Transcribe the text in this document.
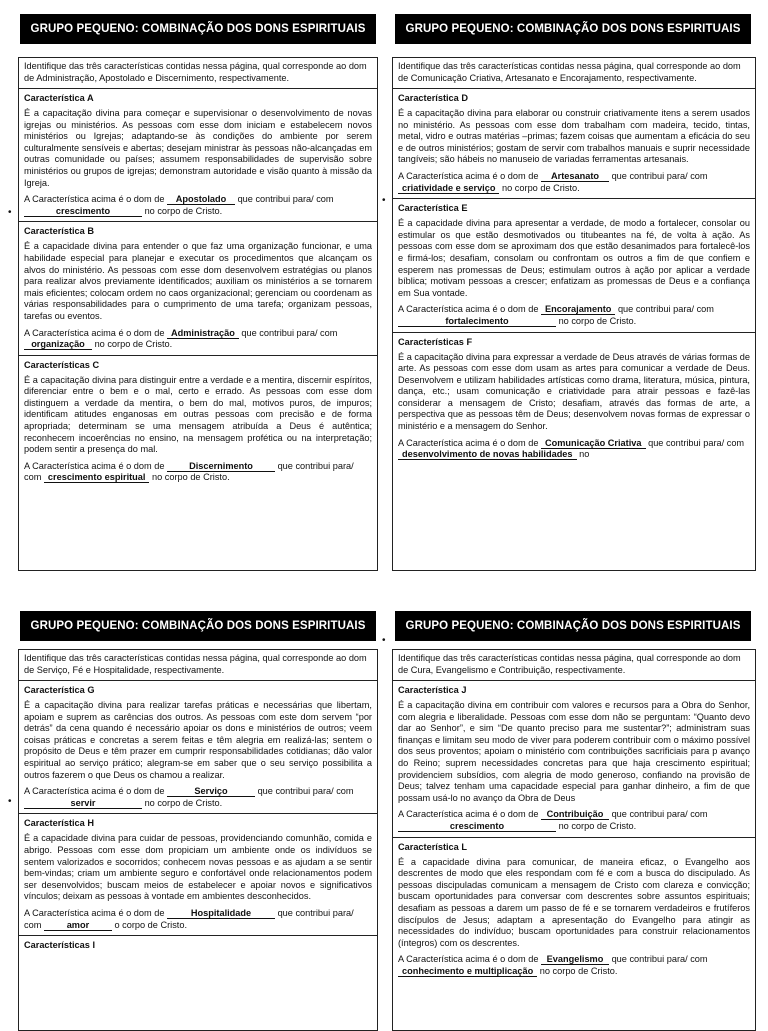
GRUPO PEQUENO: COMBINAÇÃO DOS DONS ESPIRITUAIS
Identifique das três características contidas nessa página, qual corresponde ao dom de Administração, Apostolado e Discernimento, respectivamente.
Característica A
É a capacitação divina para começar e supervisionar o desenvolvimento de novas igrejas ou ministérios. As pessoas com esse dom iniciam e estabelecem novos ministérios ou Igrejas; adaptando-se às condições do ambiente por serem culturalmente sensíveis e abertas; desejam ministrar às pessoas não-alcançadas em outras comunidade ou países; assumem responsabilidades de supervisão sobre ministérios ou grupos de igrejas; demonstram autoridade e visão quanto à missão da Igreja.
A Característica acima é o dom de Apostolado que contribui para/ com crescimento	no corpo de Cristo.
Característica B
É a capacidade divina para entender o que faz uma organização funcionar, e uma habilidade especial para planejar e executar os procedimentos que alcançam os alvos do ministério. As pessoas com esse dom desenvolvem estratégias ou planos para realizar alvos previamente identificados; auxiliam os ministérios a se tornarem mais eficientes; colocam ordem no caos organizacional; gerenciam ou coordenam as várias responsabilidades para o cumprimento de uma tarefa; organizam pessoas, tarefas ou eventos.
A Característica acima é o dom de Administração que contribui para/ com organização no corpo de Cristo.
Características C
É a capacitação divina para distinguir entre a verdade e a mentira, discernir espíritos, diferenciar entre o bem e o mal, certo e errado. As pessoas com esse dom distinguem a verdade da mentira, o bem do mal, motivos puros, de impuros; identificam atitudes enganosas em outras pessoas com precisão e de forma apropriada; determinam se uma mensagem atribuída a Deus é autêntica; reconhecem incoerências no ensino, na mensagem profética ou na interpretação; podem sentir a presença do mal.
A Característica acima é o dom de	Discernimento	que contribui para/ com crescimento espiritual no corpo de Cristo.
GRUPO PEQUENO: COMBINAÇÃO DOS DONS ESPIRITUAIS
Identifique das três características contidas nessa página, qual corresponde ao dom de Comunicação Criativa, Artesanato e Encorajamento, respectivamente.
Característica D
É a capacitação divina para elaborar ou construir criativamente itens a serem usados no ministério. As pessoas com esse dom trabalham com madeira, tecido, tintas, metal, vidro e outras matérias –primas; fazem coisas que aumentam a eficácia do seu e de outros ministérios; gostam de servir com trabalhos manuais e suprir necessidade tangíveis; são hábeis no manuseio de variadas ferramentas artesanais.
A Característica acima é o dom de Artesanato que contribui para/ com criatividade e serviço no corpo de Cristo.
Característica E
É a capacidade divina para apresentar a verdade, de modo a fortalecer, consolar ou estimular os que estão desmotivados ou titubeantes na fé, de volta à ação. As pessoas com esse dom se aproximam dos que estão desanimados para fortalecê-los e firmá-los; desafiam, consolam ou confrontam os outros a fim de que confiem e esperem nas promessas de Deus; estimulam outros à ação por aplicar a verdade bíblica; motivam pessoas a crescer; enfatizam as promessas de Deus e a confiança em Sua vontade.
A Característica acima é o dom de Encorajamento que contribui para/ com fortalecimento	no corpo de Cristo.
Características F
É a capacitação divina para expressar a verdade de Deus através de várias formas de arte. As pessoas com esse dom usam as artes para comunicar a verdade de Deus. Desenvolvem e utilizam habilidades artísticas como drama, literatura, música, pintura, dança, etc.; usam comunicação e criatividade para atrair pessoas e fazê-las considerar a mensagem de Cristo; desafiam, através das formas de arte, a perspectiva que as pessoas têm de Deus; desenvolvem novas formas de expressar o ministério e a mensagem do Senhor.
A Característica acima é o dom de Comunicação Criativa que contribui para/ com desenvolvimento de novas habilidades no
GRUPO PEQUENO: COMBINAÇÃO DOS DONS ESPIRITUAIS
Identifique das três características contidas nessa página, qual corresponde ao dom de Serviço, Fé e Hospitalidade, respectivamente.
Característica G
É a capacitação divina para realizar tarefas práticas e necessárias que libertam, apoiam e suprem as carências dos outros. As pessoas com este dom servem “por detrás” da cena quando é necessário apoiar os dons e ministérios de outros; veem coisas práticas e concretas a serem feitas e têm alegria em realizá-las; sentem o propósito de Deus e têm prazer em cumprir responsabilidades cotidianas; dão valor espiritual ao serviço prático; alegram-se em saber que o seu serviço possibilita a outros fazerem o que Deus os chamou a realizar.
A Característica acima é o dom de	Serviço	que contribui para/ com servir	no corpo de Cristo.
Característica H
É a capacidade divina para cuidar de pessoas, providenciando comunhão, comida e abrigo. Pessoas com esse dom propiciam um ambiente onde os indivíduos se sentem valorizados e socorridos; conhecem novas pessoas e as ajudam a se sentir bem-vindas; criam um ambiente seguro e confortável onde relacionamentos podem ser desenvolvidos; buscam meios de estabelecer e apoiar novos e significativos vínculos; deixam as pessoas à vontade em ambientes desconhecidos.
A Característica acima é o dom de	Hospitalidade	que contribui para/ com	amor	o corpo de Cristo.
Características I
GRUPO PEQUENO: COMBINAÇÃO DOS DONS ESPIRITUAIS
Identifique das três características contidas nessa página, qual corresponde ao dom de Cura, Evangelismo e Contribuição, respectivamente.
Característica J
É a capacitação divina em contribuir com valores e recursos para a Obra do Senhor, com alegria e liberalidade. Pessoas com esse dom não se perguntam: “Quanto devo dar ao Senhor”, e sim “De quanto preciso para me sustentar?”; administram suas finanças e limitam seu modo de viver para poderem contribuir com o máximo possível dos seus proventos; apoiam o ministério com contribuições sacrificiais para p avanço do Reino; suprem necessidades concretas para que haja crescimento espiritual; providenciem subsídios, com alegria de modo generoso, confiando na provisão de Deus; talvez tenham uma capacidade especial para ganhar dinheiro, a fim de que possam usá-lo no avanço da Obra de Deus
A Característica acima é o dom de Contribuição que contribui para/ com crescimento	no corpo de Cristo.
Característica L
É a capacidade divina para comunicar, de maneira eficaz, o Evangelho aos descrentes de modo que eles respondam com fé e com a busca do discipulado. As pessoas discipuladas comunicam a mensagem de Cristo com clareza e convicção; buscam oportunidades para conversar com descrentes sobre assuntos espirituais; desafiam as pessoas a darem um passo de fé e se tornarem verdadeiros e frutíferos discípulos de Jesus; adaptam a apresentação do Evangelho para atingir as necessidades do indivíduo; buscam oportunidades para construir relacionamentos (íntegros) com os descrentes.
A Característica acima é o dom de Evangelismo que contribui para/ com conhecimento e multiplicação no corpo de Cristo.
•
•
•
•
